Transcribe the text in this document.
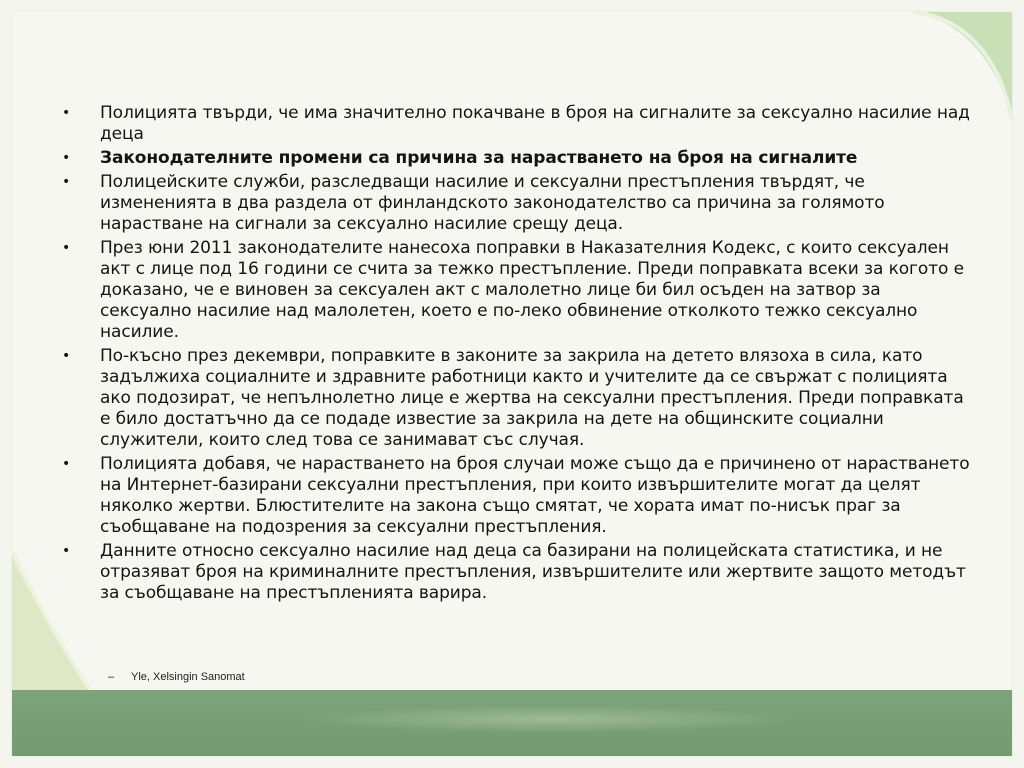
• Полицията твърди, че има значително покачване в броя на сигналите за сексуално насилие над деца
• Законодателните промени са причина за нарастването на броя на сигналите
• Полицейските служби, разследващи насилие и сексуални престъпления твърдят, че изменeнията в два раздела от финландското законодателство са причина за голямото нарастване на сигнали за сексуално насилие срещу деца.
• През юни 2011 законодателите нанесоха поправки в Наказателния Кодекс, с които сексуален акт с лице под 16 години се счита за тежко престъпление. Преди поправката всеки за когото е доказано, че е виновен за сексуален акт с малолетно лице би бил осъден на затвор за сексуално насилие над малолетен, което е по-леко обвинение отколкото тежко сексуално насилие.
• По-късно през декември, поправките в законите за закрила на детето влязоха в сила, като задължиха социалните и здравните работници както и учителите да се свържат с полицията ако подозират, че непълнолетно лице е жертва на сексуални престъпления. Преди поправката е било достатъчно да се подаде известие за закрила на дете на общинските социални служители, които след това се занимават със случая.
• Полицията добавя, че нарастването на броя случаи може също да е причинено от нарастването на Интернет-базирани сексуални престъпления, при които извършителите могат да целят няколко жертви. Блюстителите на закона също смятат, че хората имат по-нисък праг за съобщаване на подозрения за сексуални престъпления.
• Данните относно сексуално насилие над деца са базирани на полицейската статистика, и не отразяват броя на криминалните престъпления, извършителите или жертвите защото методът за съобщаване на престъпленията варира.
– Yle, Xelsingin Sanomat
